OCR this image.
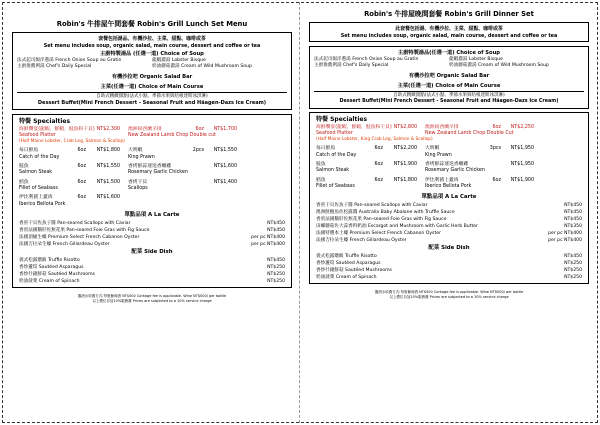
Robin's 牛排屋午間套餐 Robin's Grill Lunch Set Menu
套餐包括湯品、有機沙拉、主菜、甜點、咖啡或茶
Set menu includes soup, organic salad, main course, dessert and coffee or tea
主廚特製湯品 (任選一道) Choice of Soup
法式起司焗洋蔥湯 French Onion Soup au Gratin	龍蝦濃湯 Lobster Bisque
主廚推薦例湯 Chef's Daily Special	奶油蘑菇濃湯 Cream of Wild Mushroom Soup
有機沙拉吧 Organic Salad Bar
主菜(任選一道) Choice of Main Course
自助式精緻甜點(法式小點、季節水果與哈根達斯冰淇淋)
Dessert Buffet(Mini French Dessert - Seasonal Fruit and Häagen-Dazs Ice Cream)
特餐 Specialties
海鮮饗宴(龍蝦、鮮蝦、鮭魚和干貝) NT$2,300	澳洲紐西蘭羊排	6oz	NT$1,700
Seafood Platter	New Zealand Lamb Chop Double cut
(Half Maine Lobster, Crab Leg, Salmon & Scallop)
每日鮮魚	6oz	NT$1,800	大明蝦	2pcs	NT$1,550
Catch of the Day	King Prawn
鮭魚	6oz	NT$1,550	香烤鮮蒜迷迭香嫩雞	NT$1,600
Salmon Steak	Rosemary Garlic Chicken
鱈魚	6oz	NT$1,500	香烤干貝	NT$1,400
Fillet of Seabass	Scallops
伊比利豬上蓋肉	6oz	NT$1,600
Iberico Bellota Pork
單點品項 A La Carte
香煎干貝佐魚子醬 Pan-seared Scallops with Caviar	NT$450
香煎法國鵝肝佐無花果 Pan-seared Foie Gras with Fig Sauce	NT$450
法國頂級生蠔 Premium Select French Cabanon Oyster	per pc NT$400
法國吉拉朵生蠔 French Gillardeau Oyster	per pc NT$400
配菜 Side Dish
義式松露燉飯 Truffle Risotto	NT$450
香炒蘆筍 Sautéed Asparagus	NT$250
香炒什錦鮮菇 Sautéed Mushrooms	NT$250
奶油菠菜 Cream of Spinach	NT$250
攜酒水收費方式:每瓶葡萄酒 NT$500 Corkage fee is applicable. Wine NT$500/ per bottle
以上價位另加10%服務費 Prices are subjected to a 10% service charge
Robin's 牛排屋晚間套餐 Robin's Grill Dinner Set
此套餐包括湯、有機沙拉、主菜、甜點、咖啡或茶
Set menu includes soup, organic salad, main course, dessert and coffee or tea
主廚特製湯品(任選一道) Choice of Soup
法式起司焗洋蔥湯 French Onion Soup au Gratin	龍蝦濃湯 Lobster Bisque
主廚推薦例湯 Chef's Daily Special	奶油蘑菇濃湯 Cream of Wild Mushroom Soup
有機沙拉吧 Organic Salad Bar
主菜(任選一道) Choice of Main Course
自助式精緻甜點(法式小點、季節水果與哈根達斯冰淇淋)
Dessert Buffet(Mini French Dessert - Seasonal Fruit and Häagen-Dazs Ice Cream)
特餐 Specialties
海鮮饗宴(龍蝦、鮮蝦、鮭魚和干貝) NT$2,800	澳洲紐西蘭羊排	6oz	NT$2,250
Seafood Platter	New Zealand Lamb Chop Double Cut
(Half Maine Lobster, King Crab Leg, Salmon & Scallop)
每日鮮魚	6oz	NT$2,200	大明蝦	3pcs	NT$1,950
Catch of the Day	King Prawn
鮭魚	6oz	NT$1,900	香烤鮮蒜迷迭香嫩雞	NT$1,950
Salmon Steak	Rosemary Garlic Chicken
鱈魚	6oz	NT$1,800	伊比利豬上蓋肉	6oz	NT$1,900
Fillet of Seabass	Iberico Bellota Pork
單點品項 A La Carte
香煎干貝佐魚子醬 Pan-seared Scallops with Caviar	NT$450
澳洲鮮鮑魚佐松露醬 Australia Baby Abalone with Truffle Sauce	NT$450
香煎法國鵝肝佐無花果 Pan-seared Foie Gras with Fig Sauce	NT$450
田螺蘑菇佐大蒜香料奶油 Escargot and Mushroom with Garlic Herb Butter	NT$350
法國特選本土蠔 Premium Select French Cabanon Oyster	per pc NT$400
法國吉拉朵生蠔 French Gillardeau Oyster	per pc NT$400
配菜 Side Dish
義式松露燉飯 Truffle Risotto	NT$450
香炒蘆筍 Sautéed Asparagus	NT$250
香炒什錦鮮菇 Sautéed Mushrooms	NT$250
奶油菠菜 Cream of Spinach	NT$250
攜酒水收費方式:每瓶葡萄酒 NT$500 Corkage fee is applicable. Wine NT$500/ per bottle
以上價位另加10%服務費 Prices are subjected to a 10% service charge
